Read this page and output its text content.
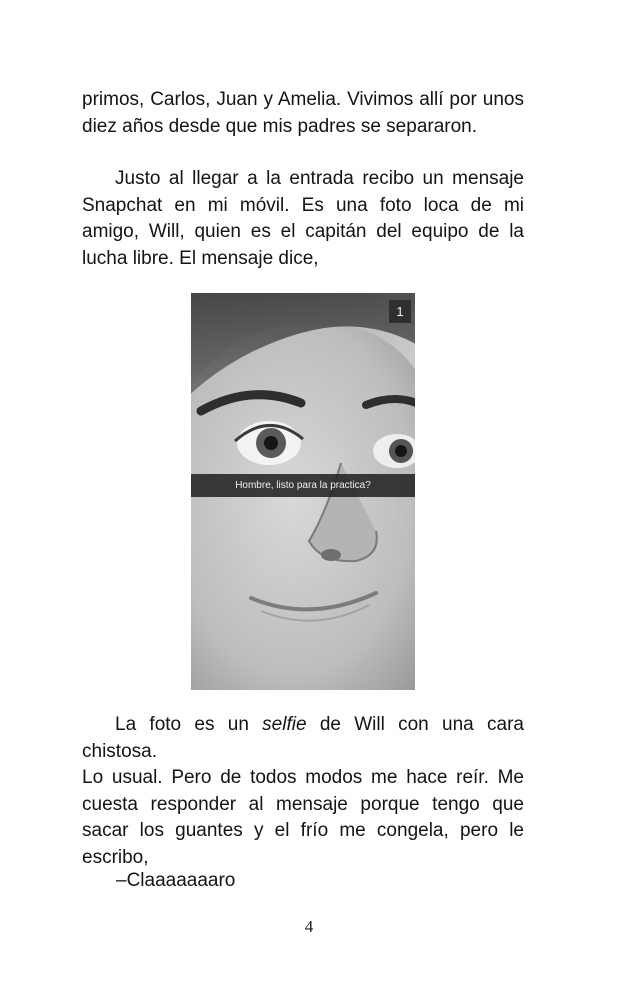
primos, Carlos, Juan y Amelia. Vivimos allí por unos
diez años desde que mis padres se separaron.

Justo al llegar a la entrada recibo un mensaje
Snapchat en mi móvil. Es una foto loca de mi
amigo, Will, quien es el capitán del equipo de la
lucha libre. El mensaje dice,

1
Hombre, listo para la practica?

La foto es un selfie de Will con una cara chistosa.
Lo usual. Pero de todos modos me hace reír. Me
cuesta responder al mensaje porque tengo que
sacar los guantes y el frío me congela, pero le
escribo,

–Claaaaaaaro

4
